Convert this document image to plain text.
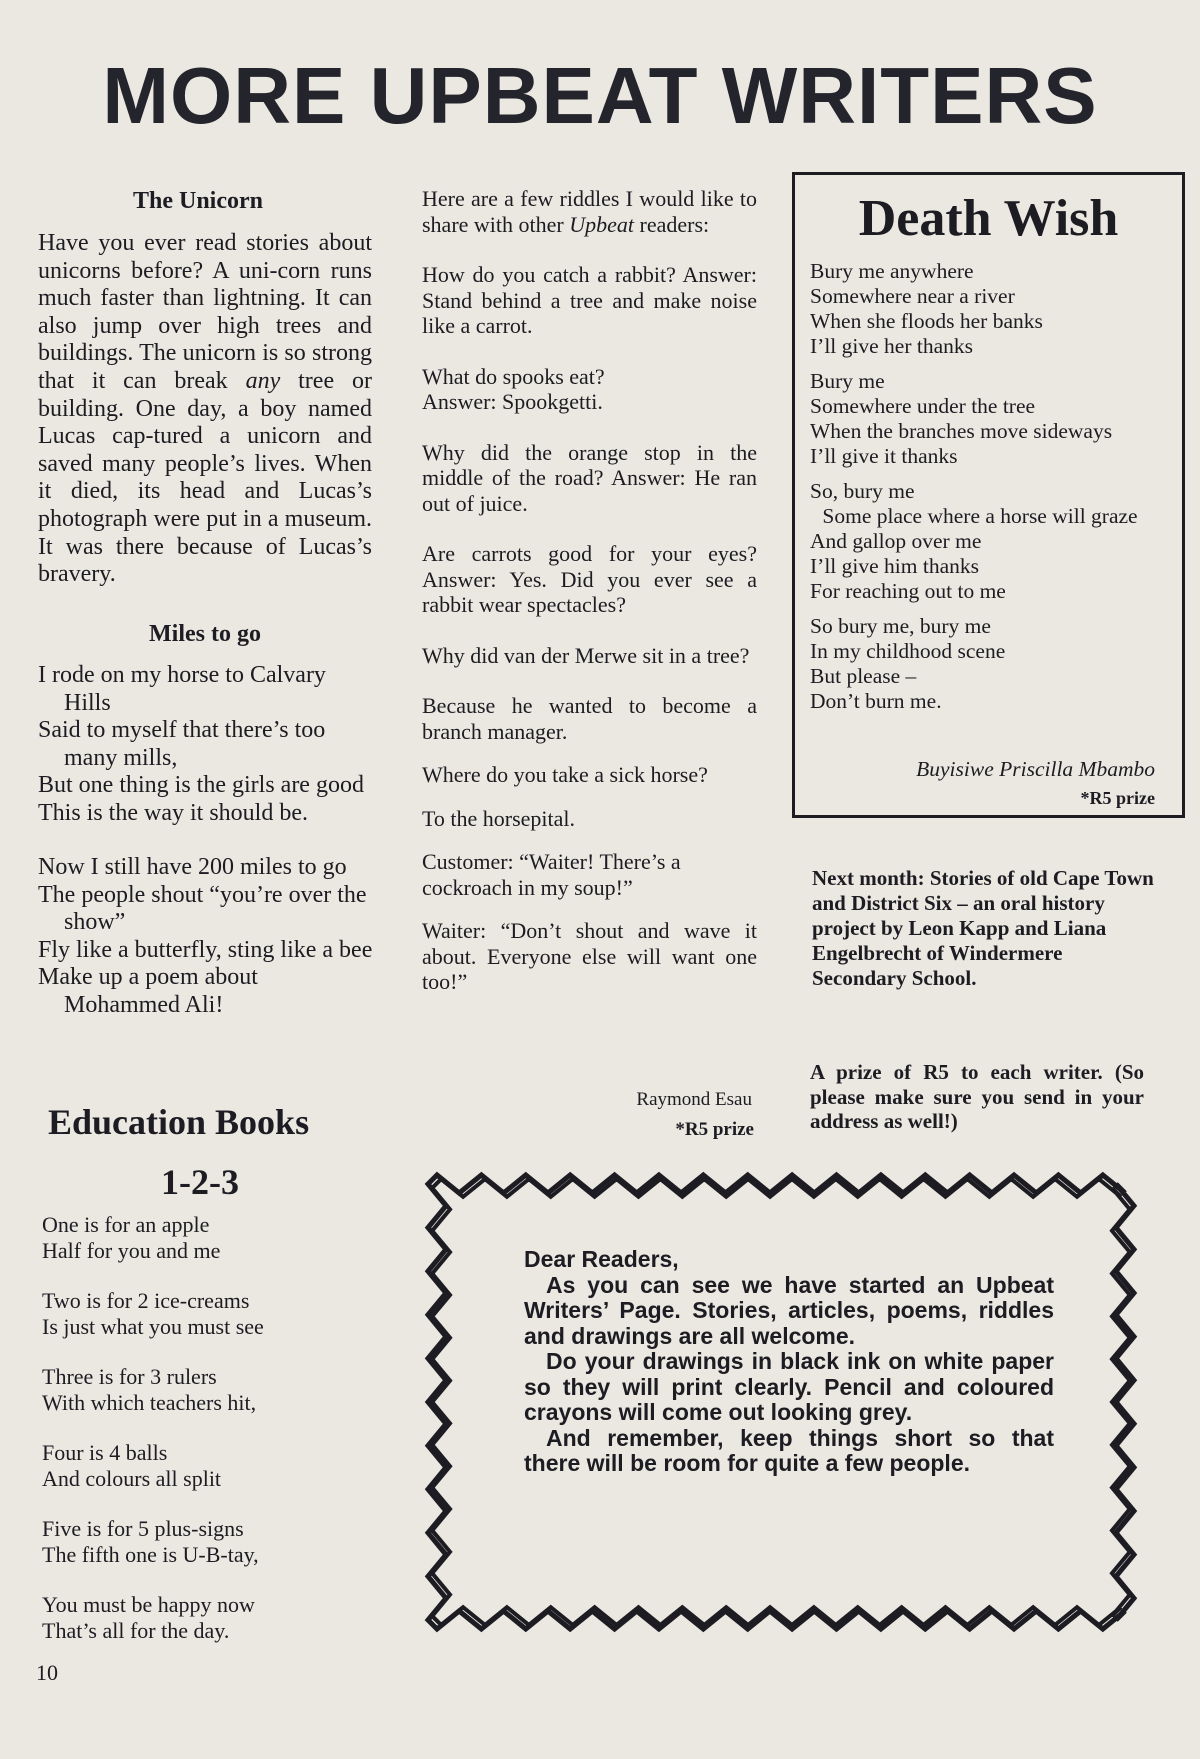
MORE UPBEAT WRITERS
The Unicorn

Have you ever read stories about unicorns before? A uni-corn runs much faster than lightning. It can also jump over high trees and buildings. The unicorn is so strong that it can break any tree or building. One day, a boy named Lucas cap-tured a unicorn and saved many people’s lives. When it died, its head and Lucas’s photograph were put in a museum. It was there because of Lucas’s bravery.

Miles to go

I rode on my horse to Calvary Hills

Said to myself that there’s too many mills,

But one thing is the girls are good

This is the way it should be.

Now I still have 200 miles to go

The people shout “you’re over the show”

Fly like a butterfly, sting like a bee

Make up a poem about Mohammed Ali!

Education Books
1-2-3
One is for an apple
Half for you and me
Two is for 2 ice-creams
Is just what you must see
Three is for 3 rulers
With which teachers hit,
Four is 4 balls
And colours all split
Five is for 5 plus-signs
The fifth one is U-B-tay,
You must be happy now
That’s all for the day.
10

Here are a few riddles I would like to share with other Upbeat readers:

How do you catch a rabbit? Answer: Stand behind a tree and make noise like a carrot.

What do spooks eat? Answer: Spookgetti.

Why did the orange stop in the middle of the road? Answer: He ran out of juice.

Are carrots good for your eyes? Answer: Yes. Did you ever see a rabbit wear spectacles?

Why did van der Merwe sit in a tree?

Because he wanted to become a branch manager.

Where do you take a sick horse?

To the horsepital.

Customer: “Waiter! There’s a cockroach in my soup!”

Waiter: “Don’t shout and wave it about. Everyone else will want one too!”

Raymond Esau
*R5 prize
Death Wish
Bury me anywhere
Somewhere near a river
When she floods her banks
I’ll give her thanks
Bury me
Somewhere under the tree
When the branches move sideways
I’ll give it thanks
So, bury me
Some place where a horse will graze
And gallop over me
I’ll give him thanks
For reaching out to me
So bury me, bury me
In my childhood scene
But please –
Don’t burn me.
Buyisiwe Priscilla Mbambo
*R5 prize

Next month: Stories of old Cape Town and District Six – an oral history project by Leon Kapp and Liana Engelbrecht of Windermere Secondary School.

A prize of R5 to each writer. (So please make sure you send in your address as well!)

Dear Readers,

As you can see we have started an Upbeat Writers’ Page. Stories, articles, poems, riddles and drawings are all welcome.

Do your drawings in black ink on white paper so they will print clearly. Pencil and coloured crayons will come out looking grey.

And remember, keep things short so that there will be room for quite a few people.
